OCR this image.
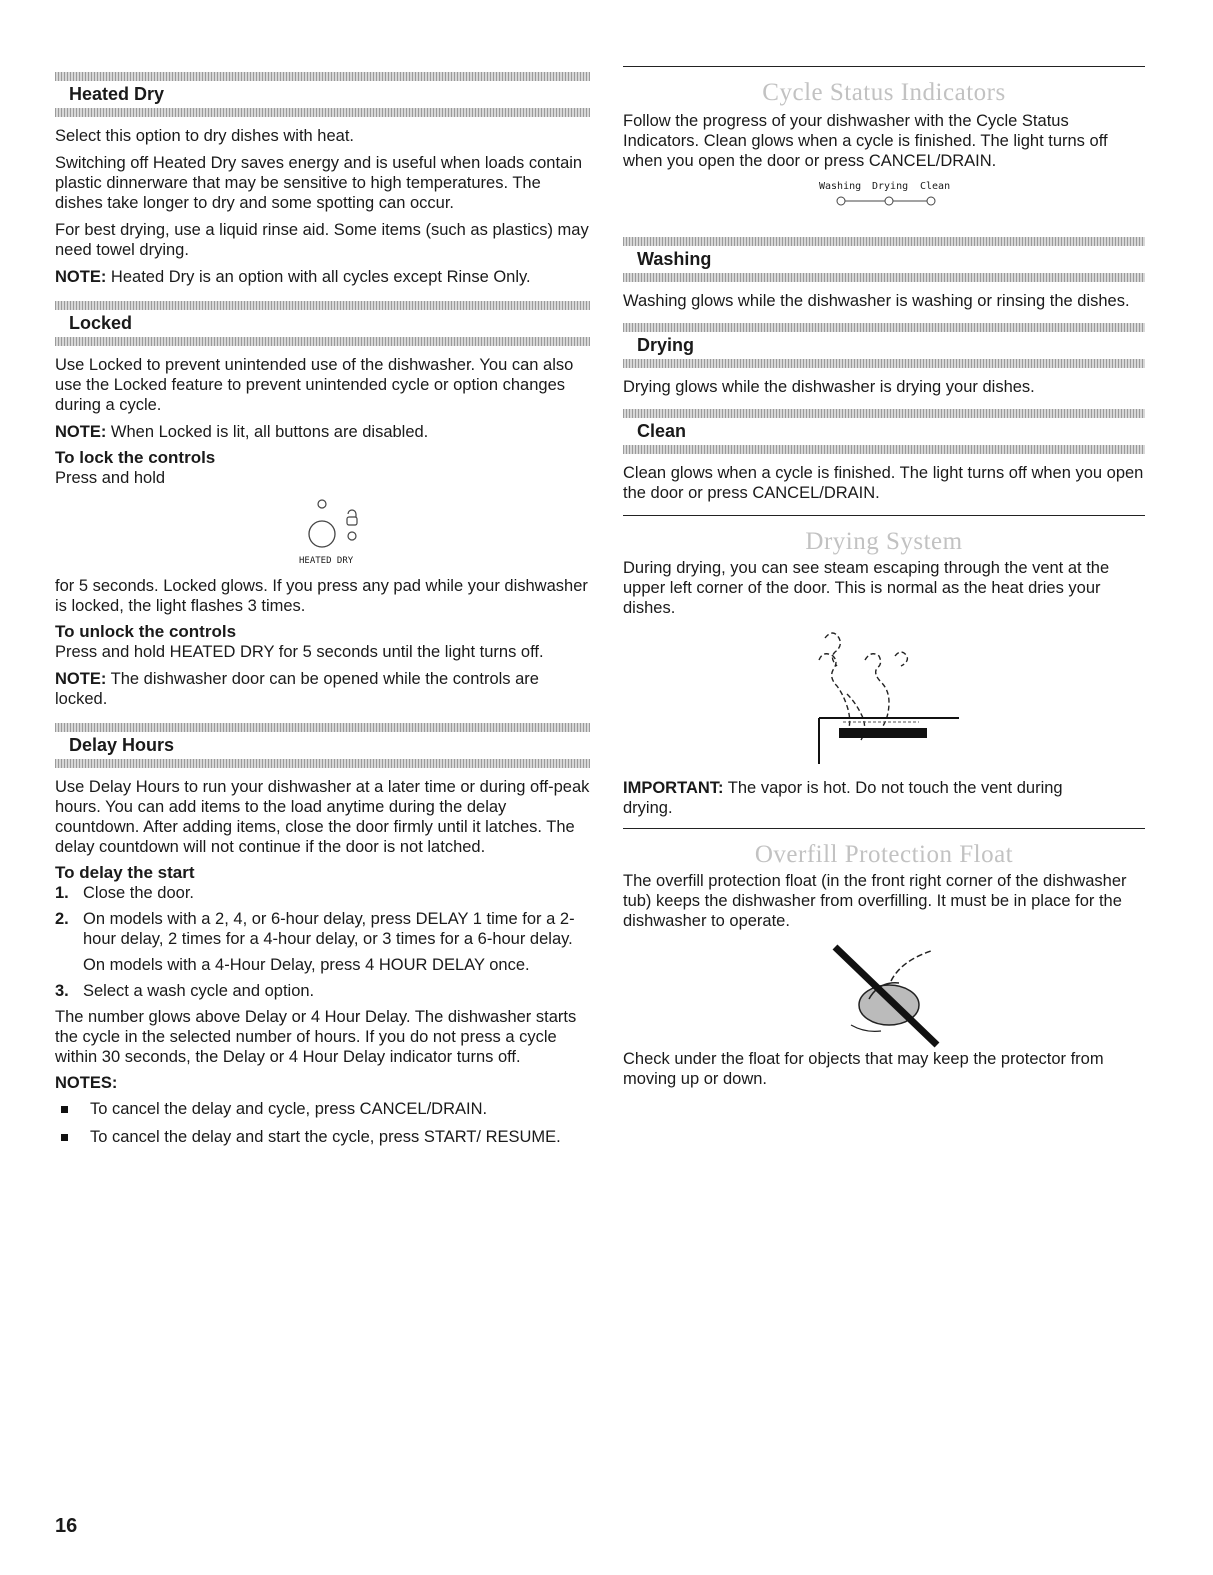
Heated Dry

Select this option to dry dishes with heat.

Switching off Heated Dry saves energy and is useful when loads contain plastic dinnerware that may be sensitive to high temperatures. The dishes take longer to dry and some spotting can occur.

For best drying, use a liquid rinse aid. Some items (such as plastics) may need towel drying.

NOTE: Heated Dry is an option with all cycles except Rinse Only.

Locked

Use Locked to prevent unintended use of the dishwasher. You can also use the Locked feature to prevent unintended cycle or option changes during a cycle.

NOTE: When Locked is lit, all buttons are disabled.

To lock the controls

Press and hold

HEATED DRY

for 5 seconds. Locked glows. If you press any pad while your dishwasher is locked, the light flashes 3 times.

To unlock the controls

Press and hold HEATED DRY for 5 seconds until the light turns off.

NOTE: The dishwasher door can be opened while the controls are locked.

Delay Hours

Use Delay Hours to run your dishwasher at a later time or during off-peak hours. You can add items to the load anytime during the delay countdown. After adding items, close the door firmly until it latches. The delay countdown will not continue if the door is not latched.

To delay the start

1. Close the door.
2. On models with a 2, 4, or 6-hour delay, press DELAY 1 time for a 2-hour delay, 2 times for a 4-hour delay, or 3 times for a 6-hour delay.
On models with a 4-Hour Delay, press 4 HOUR DELAY once.
3. Select a wash cycle and option.

The number glows above Delay or 4 Hour Delay. The dishwasher starts the cycle in the selected number of hours. If you do not press a cycle within 30 seconds, the Delay or 4 Hour Delay indicator turns off.

NOTES:

To cancel the delay and cycle, press CANCEL/DRAIN.
To cancel the delay and start the cycle, press START/ RESUME.
16
Cycle Status Indicators

Follow the progress of your dishwasher with the Cycle Status Indicators. Clean glows when a cycle is finished. The light turns off when you open the door or press CANCEL/DRAIN.

Washing Drying Clean
Washing

Washing glows while the dishwasher is washing or rinsing the dishes.

Drying

Drying glows while the dishwasher is drying your dishes.

Clean

Clean glows when a cycle is finished. The light turns off when you open the door or press CANCEL/DRAIN.

Drying System

During drying, you can see steam escaping through the vent at the upper left corner of the door. This is normal as the heat dries your dishes.

IMPORTANT: The vapor is hot. Do not touch the vent during drying.

Overfill Protection Float

The overfill protection float (in the front right corner of the dishwasher tub) keeps the dishwasher from overfilling. It must be in place for the dishwasher to operate.

Check under the float for objects that may keep the protector from moving up or down.
